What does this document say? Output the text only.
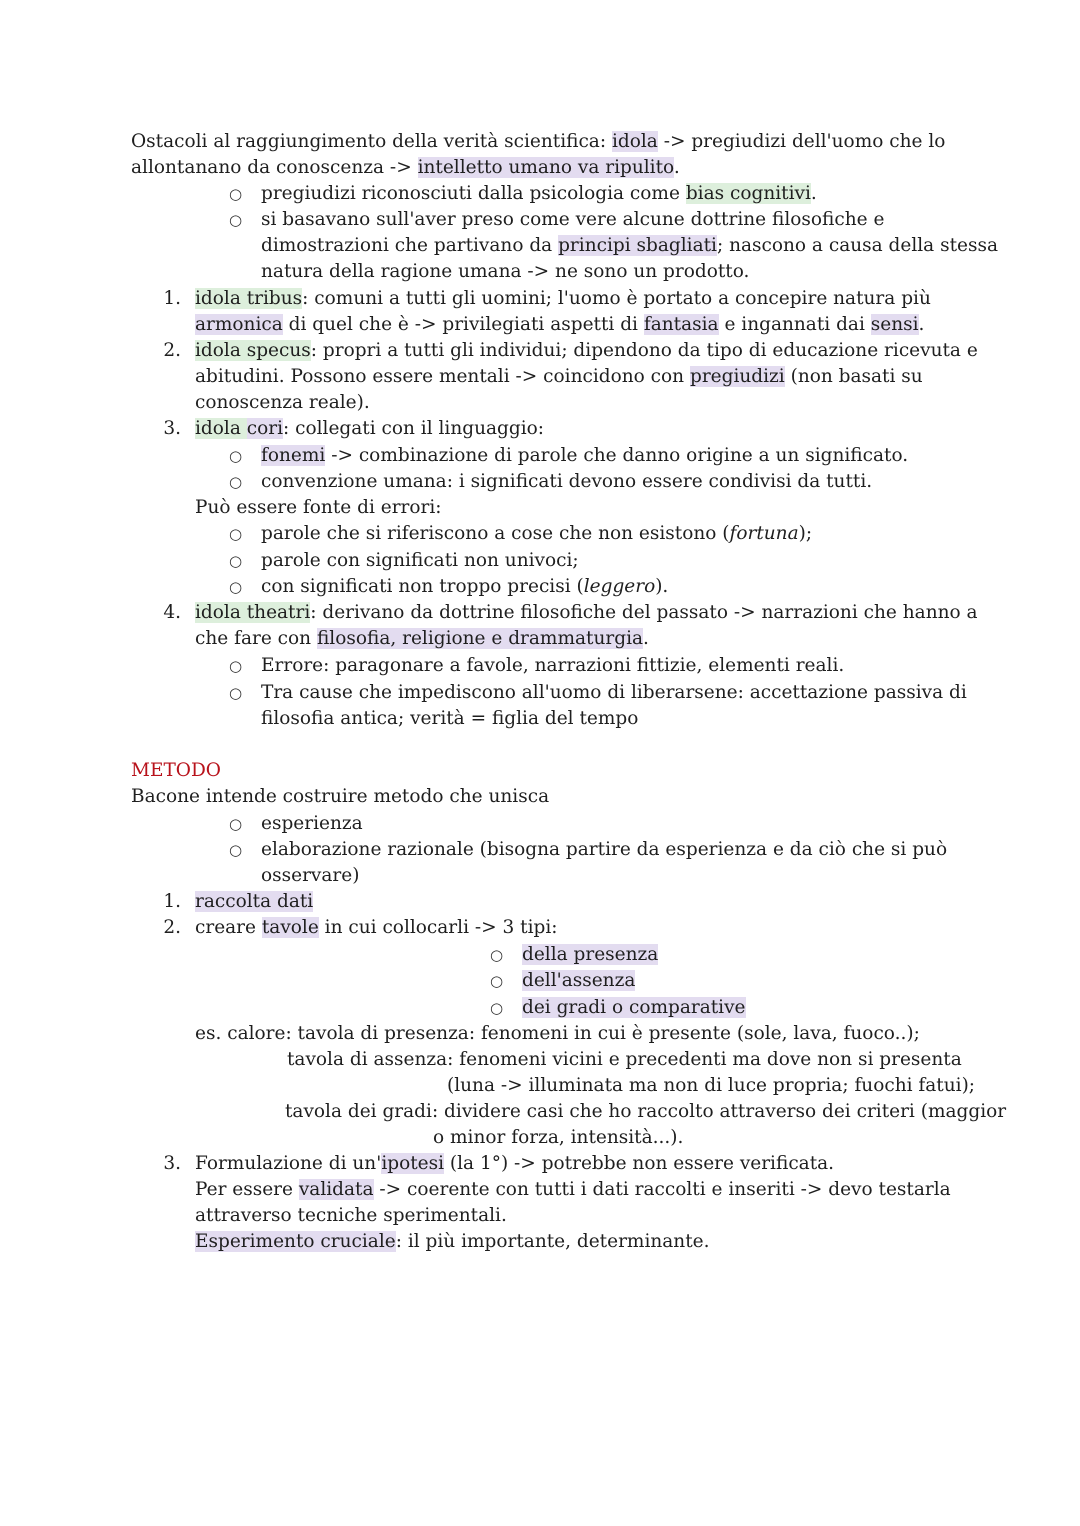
Ostacoli al raggiungimento della verità scientifica: idola -> pregiudizi dell'uomo che lo
allontanano da conoscenza -> intelletto umano va ripulito.
○ pregiudizi riconosciuti dalla psicologia come bias cognitivi.
○ si basavano sull'aver preso come vere alcune dottrine filosofiche e
dimostrazioni che partivano da principi sbagliati; nascono a causa della stessa
natura della ragione umana -> ne sono un prodotto.
1. idola tribus: comuni a tutti gli uomini; l'uomo è portato a concepire natura più
armonica di quel che è -> privilegiati aspetti di fantasia e ingannati dai sensi.
2. idola specus: propri a tutti gli individui; dipendono da tipo di educazione ricevuta e
abitudini. Possono essere mentali -> coincidono con pregiudizi (non basati su
conoscenza reale).
3. idola cori: collegati con il linguaggio:
○ fonemi -> combinazione di parole che danno origine a un significato.
○ convenzione umana: i significati devono essere condivisi da tutti.
Può essere fonte di errori:
○ parole che si riferiscono a cose che non esistono (fortuna);
○ parole con significati non univoci;
○ con significati non troppo precisi (leggero).
4. idola theatri: derivano da dottrine filosofiche del passato -> narrazioni che hanno a
che fare con filosofia, religione e drammaturgia.
○ Errore: paragonare a favole, narrazioni fittizie, elementi reali.
○ Tra cause che impediscono all'uomo di liberarsene: accettazione passiva di
filosofia antica; verità = figlia del tempo
METODO
Bacone intende costruire metodo che unisca
○ esperienza
○ elaborazione razionale (bisogna partire da esperienza e da ciò che si può
osservare)
1. raccolta dati
2. creare tavole in cui collocarli -> 3 tipi:
○ della presenza
○ dell'assenza
○ dei gradi o comparative
es. calore: tavola di presenza: fenomeni in cui è presente (sole, lava, fuoco..);
tavola di assenza: fenomeni vicini e precedenti ma dove non si presenta
(luna -> illuminata ma non di luce propria; fuochi fatui);
tavola dei gradi: dividere casi che ho raccolto attraverso dei criteri (maggior
o minor forza, intensità...).
3. Formulazione di un'ipotesi (la 1°) -> potrebbe non essere verificata.
Per essere validata -> coerente con tutti i dati raccolti e inseriti -> devo testarla
attraverso tecniche sperimentali.
Esperimento cruciale: il più importante, determinante.
